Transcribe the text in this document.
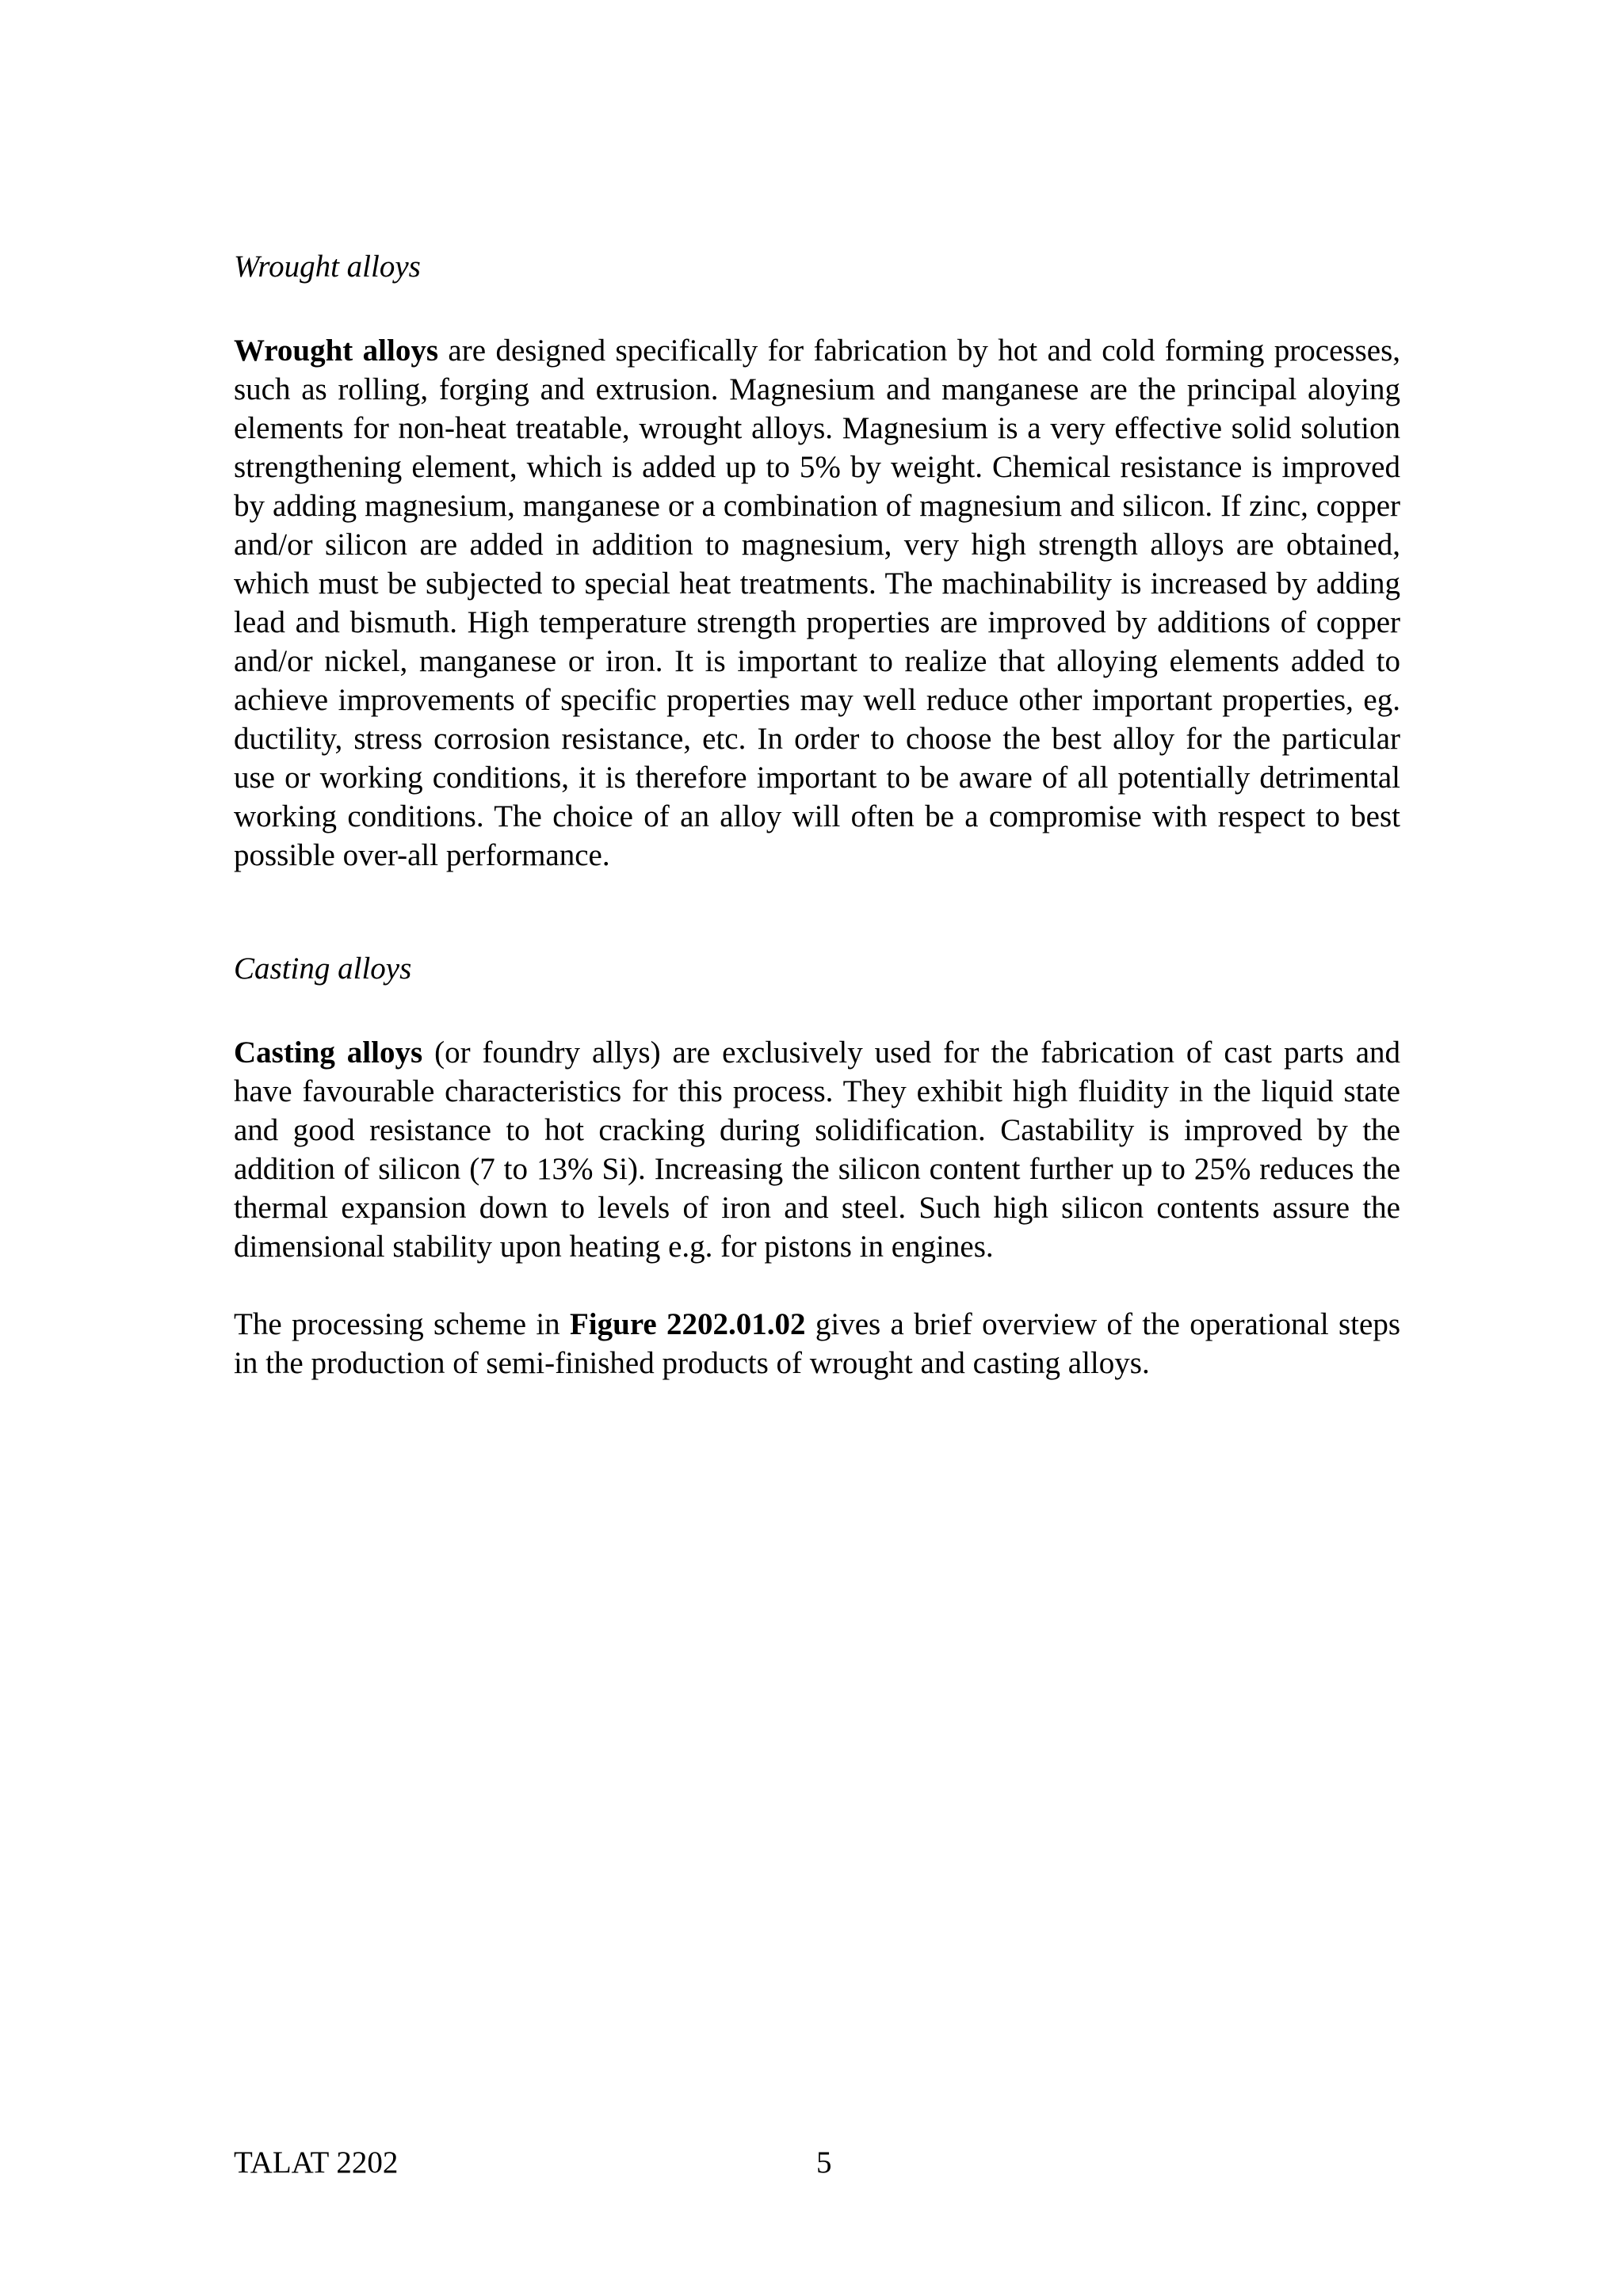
Wrought alloys

Wrought alloys are designed specifically for fabrication by hot and cold forming processes, such as rolling, forging and extrusion. Magnesium and manganese are the principal aloying elements for non-heat treatable, wrought alloys. Magnesium is a very effective solid solution strengthening element, which is added up to 5% by weight. Chemical resistance is improved by adding magnesium, manganese or a combination of magnesium and silicon. If zinc, copper and/or silicon are added in addition to magnesium, very high strength alloys are obtained, which must be subjected to special heat treatments. The machinability is increased by adding lead and bismuth. High temperature strength properties are improved by additions of copper and/or nickel, manganese or iron. It is important to realize that alloying elements added to achieve improvements of specific properties may well reduce other important properties, eg. ductility, stress corrosion resistance, etc. In order to choose the best alloy for the particular use or working conditions, it is therefore important to be aware of all potentially detrimental working conditions. The choice of an alloy will often be a compromise with respect to best possible over-all performance.

Casting alloys

Casting alloys (or foundry allys) are exclusively used for the fabrication of cast parts and have favourable characteristics for this process. They exhibit high fluidity in the liquid state and good resistance to hot cracking during solidification. Castability is improved by the addition of silicon (7 to 13% Si). Increasing the silicon content further up to 25% reduces the thermal expansion down to levels of iron and steel. Such high silicon contents assure the dimensional stability upon heating e.g. for pistons in engines.

The processing scheme in Figure 2202.01.02 gives a brief overview of the operational steps in the production of semi-finished products of wrought and casting alloys.

TALAT 2202	5
